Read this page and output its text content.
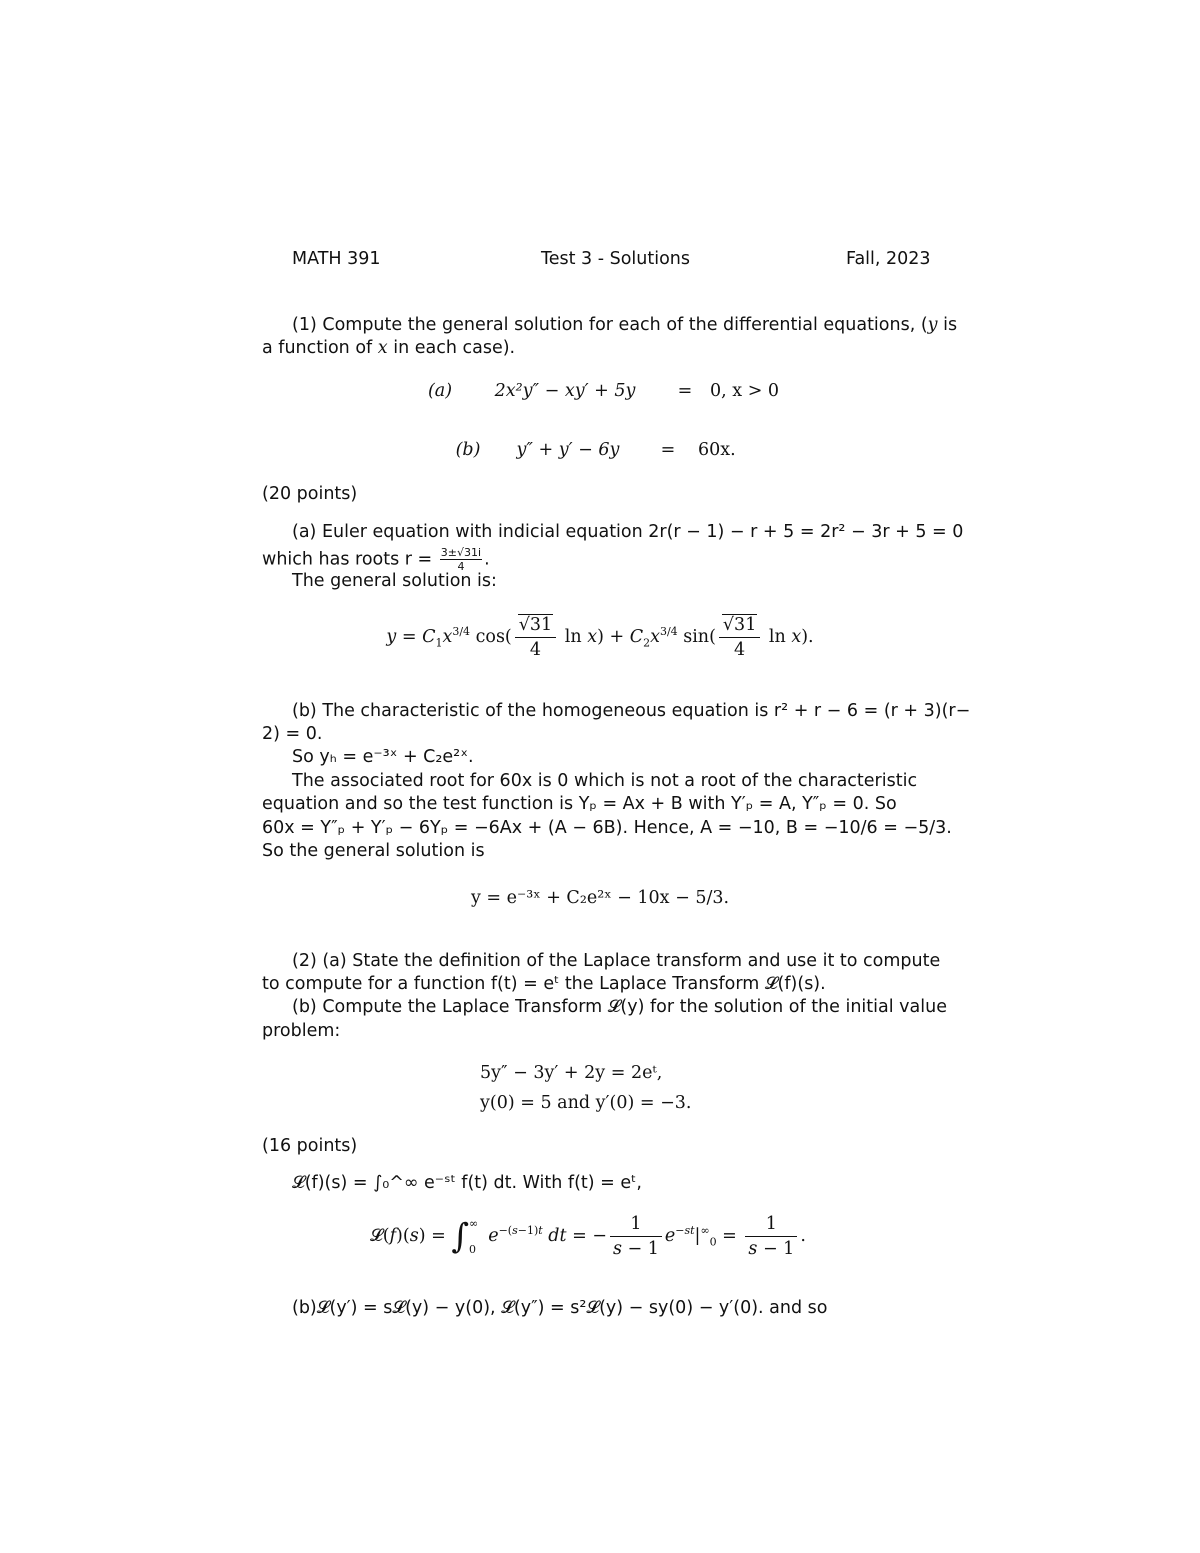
MATH 391	Test 3 - Solutions	Fall, 2023
(1) Compute the general solution for each of the differential equations, (y is
a function of x in each case).
(a)	2x²y″ − xy′ + 5y	=	0, x > 0
(b)	y″ + y′ − 6y	=	60x.
(20 points)
(a) Euler equation with indicial equation 2r(r − 1) − r + 5 = 2r² − 3r + 5 = 0
which has roots $r = \frac{3\pm√31i}{4}$ .
The general solution is:
$y = C_1x^{3/4}$ $\cos( \frac{√31}{4}$ $\ln x) + C_2x^{3/4}$ $\sin( \frac{√31}{4}$ ln x).
(b) The characteristic of the homogeneous equation is r² + r − 6 = (r + 3)(r−
2) = 0.
So yₕ = e⁻³ˣ + C₂e²ˣ.
The associated root for 60x is 0 which is not a root of the characteristic
equation and so the test function is Yₚ = Ax + B with Y′ₚ = A, Y″ₚ = 0. So
60x = Y″ₚ + Y′ₚ − 6Yₚ = −6Ax + (A − 6B). Hence, A = −10, B = −10/6 = −5/3.
So the general solution is
y = e⁻³ˣ + C₂e²ˣ − 10x − 5/3.
(2) (a) State the definition of the Laplace transform and use it to compute
to compute for a function f(t) = eᵗ the Laplace Transform 𝓛(f)(s).
(b) Compute the Laplace Transform 𝓛(y) for the solution of the initial value
problem:
5y″ − 3y′ + 2y = 2eᵗ,
y(0) = 5 and y′(0) = −3.
(16 points)
𝓛(f)(s) = ∫₀^∞ e⁻ˢᵗ f(t) dt. With f(t) = eᵗ,
𝓛(f)(s) = ∫ ∞
0
$e^{-(s-1)t}$ dt = − $\frac{1}{s - 1} e^{-st}|^\infty_0 = \frac{1}{s - 1}$ .
(b)𝓛(y′) = s𝓛(y) − y(0), 𝓛(y″) = s²𝓛(y) − sy(0) − y′(0). and so
